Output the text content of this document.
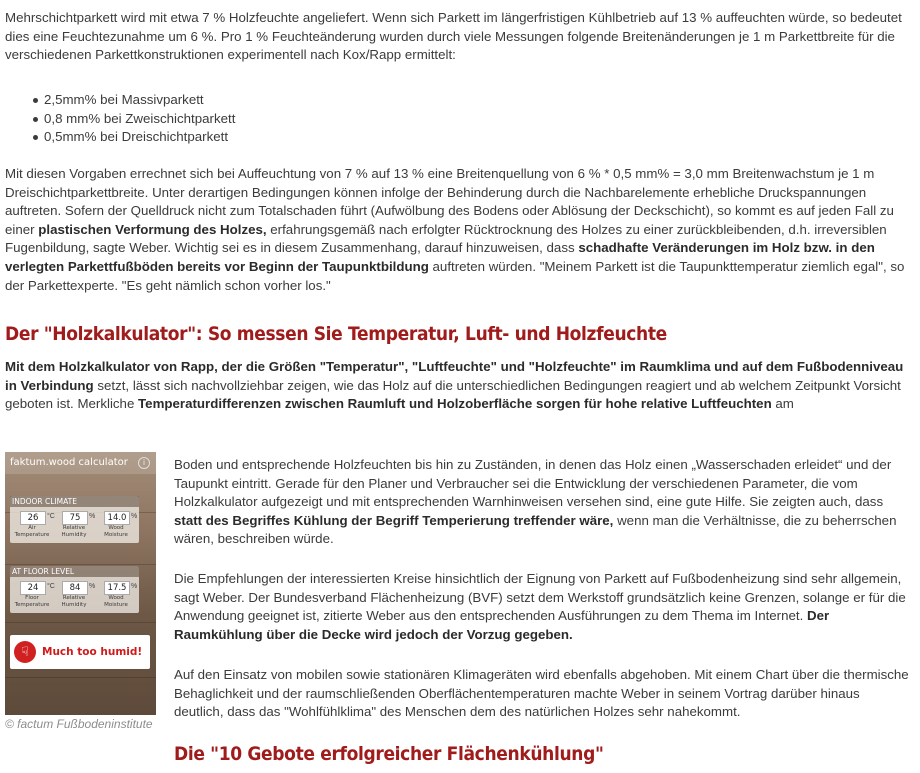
Mehrschichtparkett wird mit etwa 7 % Holzfeuchte angeliefert. Wenn sich Parkett im längerfristigen Kühlbetrieb auf 13 % auffeuchten würde, so bedeutet dies eine Feuchtezunahme um 6 %. Pro 1 % Feuchteänderung wurden durch viele Messungen folgende Breitenänderungen je 1 m Parkettbreite für die verschiedenen Parkettkonstruktionen experimentell nach Kox/Rapp ermittelt:

2,5mm% bei Massivparkett
0,8 mm% bei Zweischichtparkett
0,5mm% bei Dreischichtparkett

Mit diesen Vorgaben errechnet sich bei Auffeuchtung von 7 % auf 13 % eine Breitenquellung von 6 % * 0,5 mm% = 3,0 mm Breitenwachstum je 1 m Dreischichtparkettbreite. Unter derartigen Bedingungen können infolge der Behinderung durch die Nachbarelemente erhebliche Druckspannungen auftreten. Sofern der Quelldruck nicht zum Totalschaden führt (Aufwölbung des Bodens oder Ablösung der Deckschicht), so kommt es auf jeden Fall zu einer plastischen Verformung des Holzes, erfahrungsgemäß nach erfolgter Rücktrocknung des Holzes zu einer zurückbleibenden, d.h. irreversiblen Fugenbildung, sagte Weber. Wichtig sei es in diesem Zusammenhang, darauf hinzuweisen, dass schadhafte Veränderungen im Holz bzw. in den verlegten Parkettfußböden bereits vor Beginn der Taupunktbildung auftreten würden. "Meinem Parkett ist die Taupunkttemperatur ziemlich egal", so der Parkettexperte. "Es geht nämlich schon vorher los."

Der "Holzkalkulator": So messen Sie Temperatur, Luft- und Holzfeuchte

Mit dem Holzkalkulator von Rapp, der die Größen "Temperatur", "Luftfeuchte" und "Holzfeuchte" im Raumklima und auf dem Fußbodenniveau in Verbindung setzt, lässt sich nachvollziehbar zeigen, wie das Holz auf die unterschiedlichen Bedingungen reagiert und ab welchem Zeitpunkt Vorsicht geboten ist. Merkliche Temperaturdifferenzen zwischen Raumluft und Holzoberfläche sorgen für hohe relative Luftfeuchten am

faktum.wood calculator	i
INDOOR CLIMATE
26	°C	75	%	14.0 %
Air Temperature
Relative Humidity
Wood Moisture
AT FLOOR LEVEL
24	°C	84	%	17.5 %
Floor Temperature
Relative Humidity
Wood Moisture
☟	Much too humid!
© factum Fußbodeninstitute

Boden und entsprechende Holzfeuchten bis hin zu Zuständen, in denen das Holz einen „Wasserschaden erleidet“ und der Taupunkt eintritt. Gerade für den Planer und Verbraucher sei die Entwicklung der verschiedenen Parameter, die vom Holzkalkulator aufgezeigt und mit entsprechenden Warnhinweisen versehen sind, eine gute Hilfe. Sie zeigten auch, dass statt des Begriffes Kühlung der Begriff Temperierung treffender wäre, wenn man die Verhältnisse, die zu beherrschen wären, beschreiben würde.

Die Empfehlungen der interessierten Kreise hinsichtlich der Eignung von Parkett auf Fußbodenheizung sind sehr allgemein, sagt Weber. Der Bundesverband Flächenheizung (BVF) setzt dem Werkstoff grundsätzlich keine Grenzen, solange er für die Anwendung geeignet ist, zitierte Weber aus den entsprechenden Ausführungen zu dem Thema im Internet. Der Raumkühlung über die Decke wird jedoch der Vorzug gegeben.

Auf den Einsatz von mobilen sowie stationären Klimageräten wird ebenfalls abgehoben. Mit einem Chart über die thermische Behaglichkeit und der raumschließenden Oberflächentemperaturen machte Weber in seinem Vortrag darüber hinaus deutlich, dass das "Wohlfühlklima" des Menschen dem des natürlichen Holzes sehr nahekommt.

Die "10 Gebote erfolgreicher Flächenkühlung"
